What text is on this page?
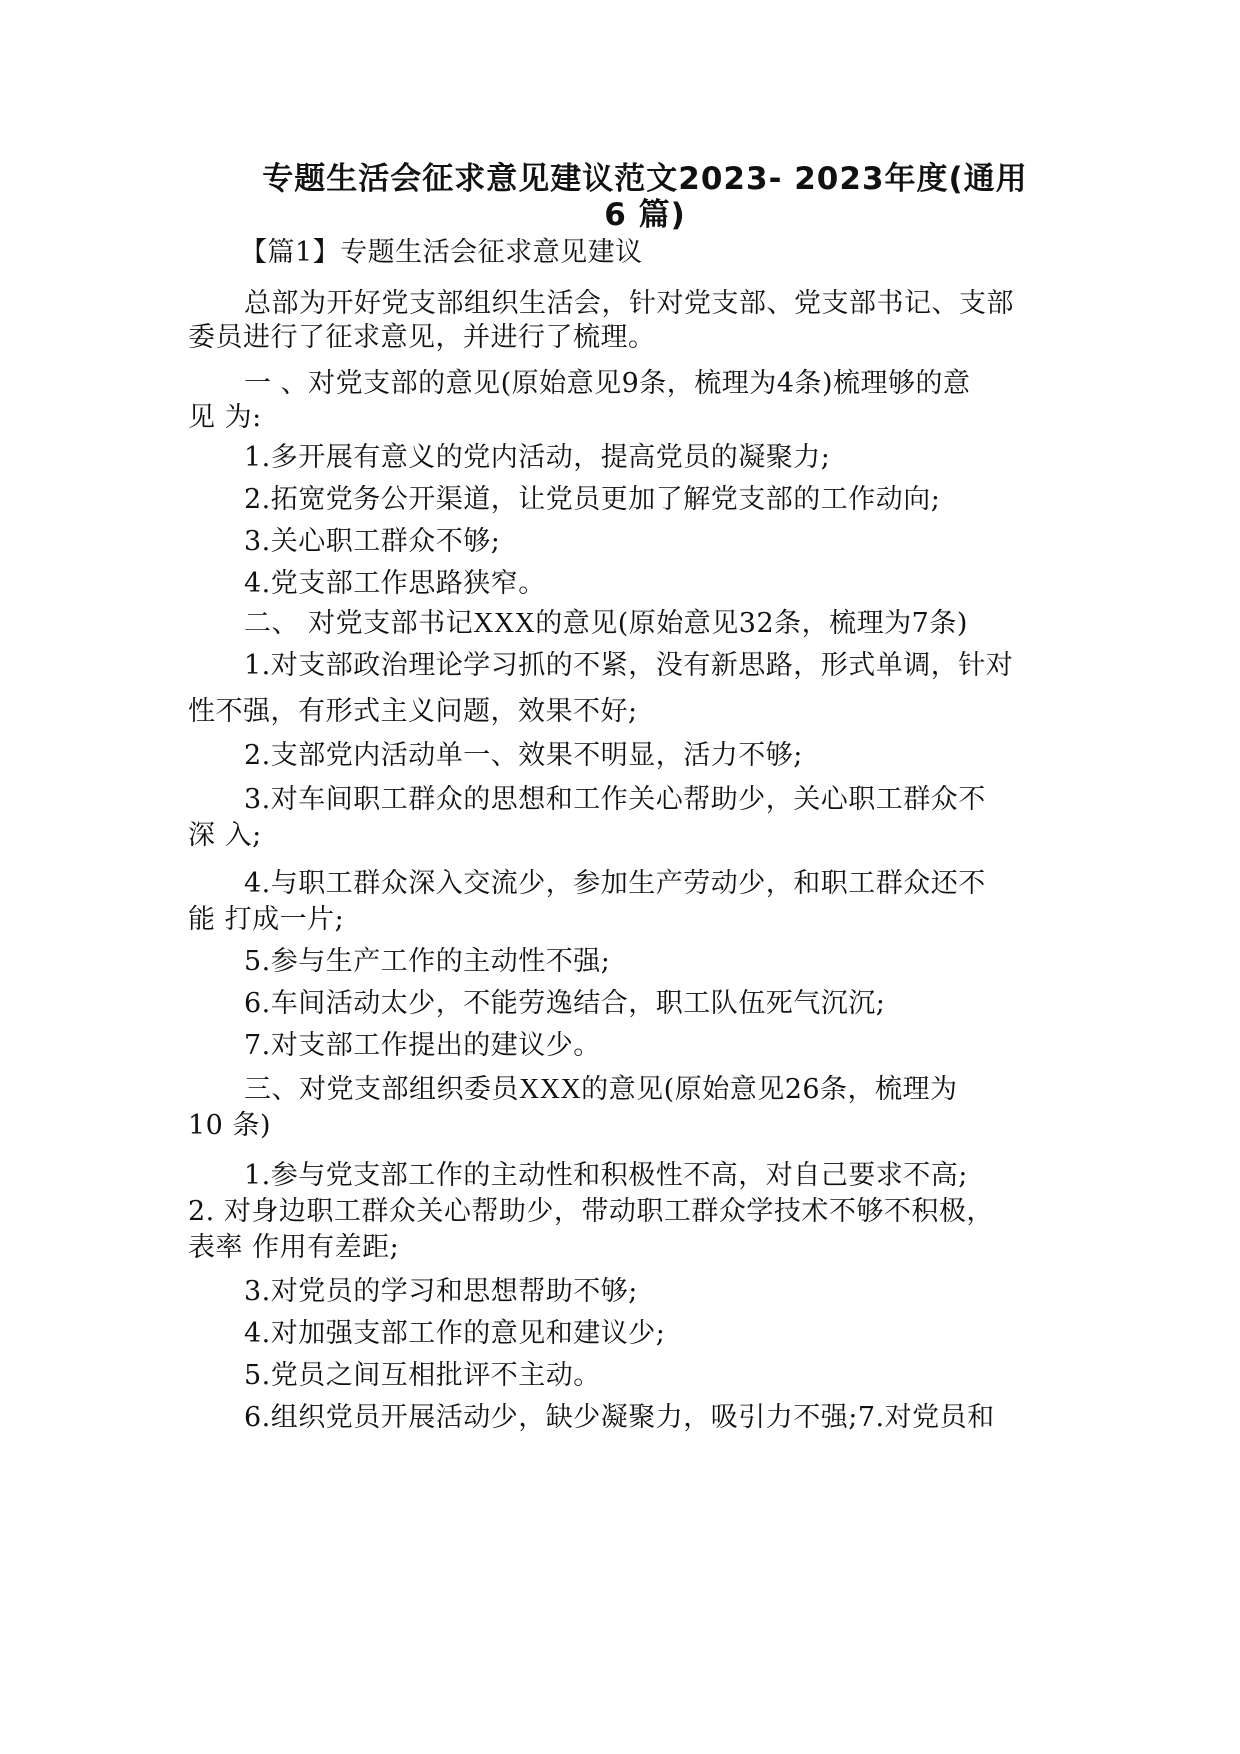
专题生活会征求意见建议范文2023- 2023年度(通用
6 篇)
【篇1】专题生活会征求意见建议
总部为开好党支部组织生活会，针对党支部、党支部书记、支部
委员进行了征求意见，并进行了梳理。
一 、对党支部的意见(原始意见9条，梳理为4条)梳理够的意
见 为:
1.多开展有意义的党内活动，提高党员的凝聚力;
2.拓宽党务公开渠道，让党员更加了解党支部的工作动向;
3.关心职工群众不够;
4.党支部工作思路狭窄。
二、 对党支部书记XXX的意见(原始意见32条，梳理为7条)
1.对支部政治理论学习抓的不紧，没有新思路，形式单调，针对
性不强，有形式主义问题，效果不好;
2.支部党内活动单一、效果不明显，活力不够;
3.对车间职工群众的思想和工作关心帮助少，关心职工群众不
深 入;
4.与职工群众深入交流少，参加生产劳动少，和职工群众还不
能 打成一片;
5.参与生产工作的主动性不强;
6.车间活动太少，不能劳逸结合，职工队伍死气沉沉;
7.对支部工作提出的建议少。
三、对党支部组织委员XXX的意见(原始意见26条，梳理为
10 条)
1.参与党支部工作的主动性和积极性不高，对自己要求不高;
2. 对身边职工群众关心帮助少，带动职工群众学技术不够不积极，
表率 作用有差距;
3.对党员的学习和思想帮助不够;
4.对加强支部工作的意见和建议少;
5.党员之间互相批评不主动。
6.组织党员开展活动少，缺少凝聚力，吸引力不强;7.对党员和
